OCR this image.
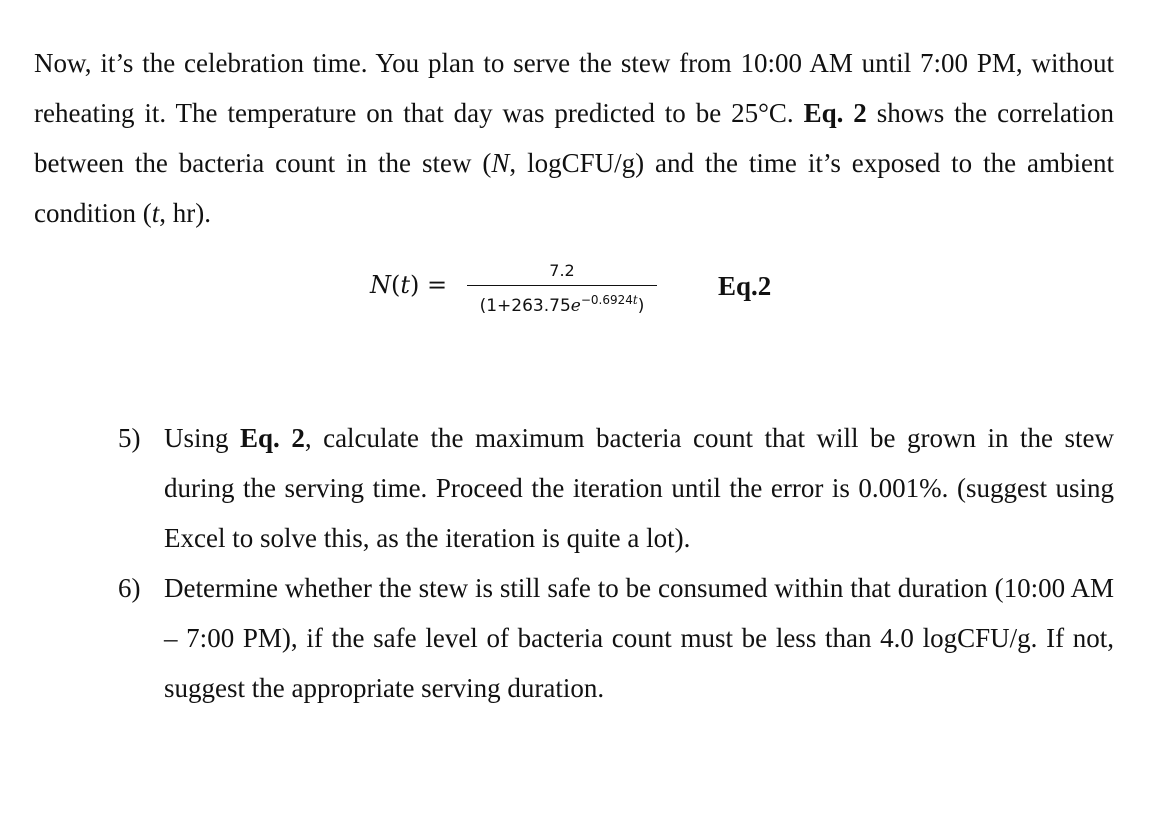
Now, it’s the celebration time. You plan to serve the stew from 10:00 AM until 7:00 PM, without reheating it. The temperature on that day was predicted to be 25°C. Eq. 2 shows the correlation between the bacteria count in the stew (N, logCFU/g) and the time it’s exposed to the ambient condition (t, hr).

N(t) =
7.2
$(1+263.75e^{-0.6924t})$
Eq.2
5) Using Eq. 2, calculate the maximum bacteria count that will be grown in the stew during the serving time. Proceed the iteration until the error is 0.001%. (suggest using Excel to solve this, as the iteration is quite a lot).
6) Determine whether the stew is still safe to be consumed within that duration (10:00 AM – 7:00 PM), if the safe level of bacteria count must be less than 4.0 logCFU/g. If not, suggest the appropriate serving duration.
